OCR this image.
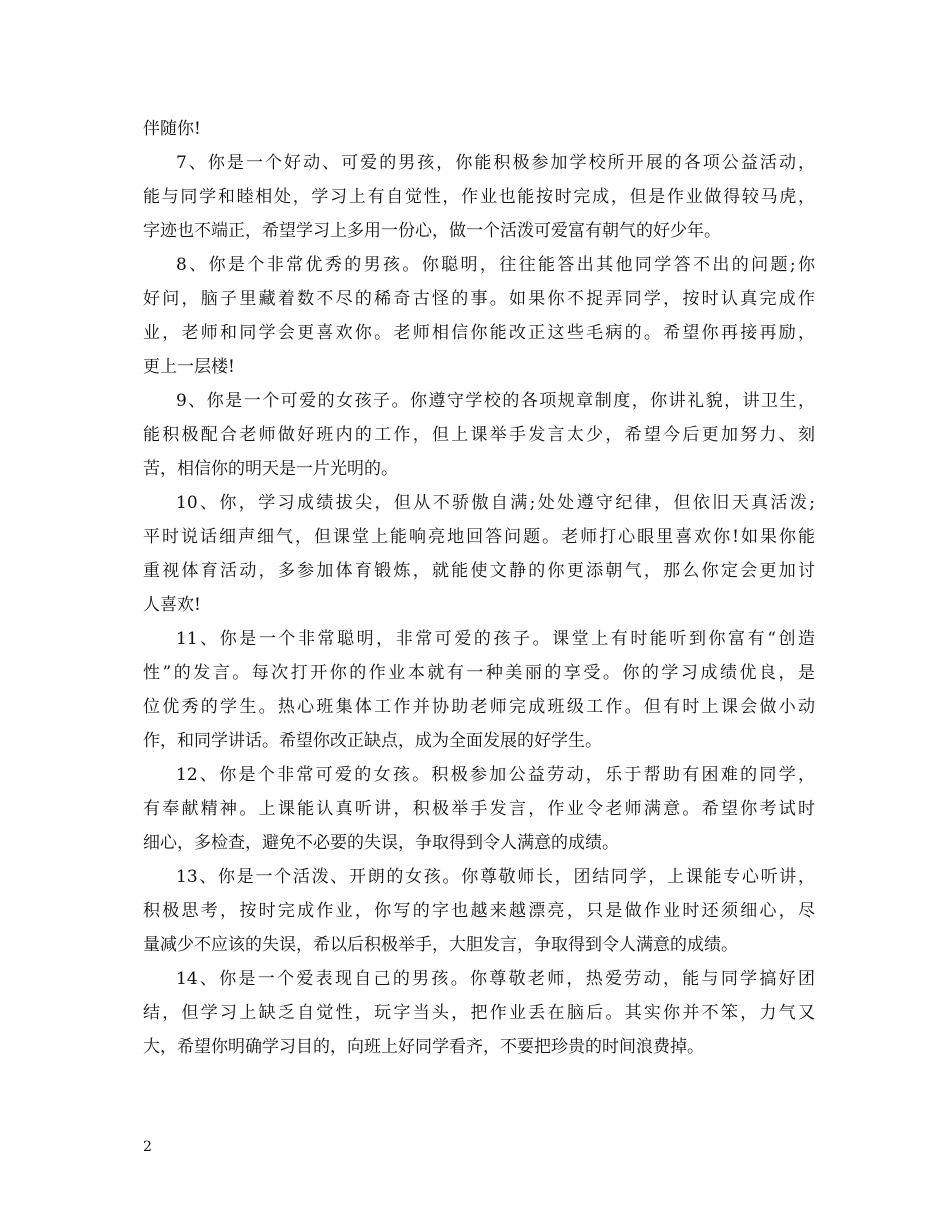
伴随你!
7、你是一个好动、可爱的男孩，你能积极参加学校所开展的各项公益活动，
能与同学和睦相处，学习上有自觉性，作业也能按时完成，但是作业做得较马虎，
字迹也不端正，希望学习上多用一份心，做一个活泼可爱富有朝气的好少年。
8、你是个非常优秀的男孩。你聪明，往往能答出其他同学答不出的问题;你
好问，脑子里藏着数不尽的稀奇古怪的事。如果你不捉弄同学，按时认真完成作
业，老师和同学会更喜欢你。老师相信你能改正这些毛病的。希望你再接再励，
更上一层楼!
9、你是一个可爱的女孩子。你遵守学校的各项规章制度，你讲礼貌，讲卫生，
能积极配合老师做好班内的工作，但上课举手发言太少，希望今后更加努力、刻
苦，相信你的明天是一片光明的。
10、你，学习成绩拔尖，但从不骄傲自满;处处遵守纪律，但依旧天真活泼;
平时说话细声细气，但课堂上能响亮地回答问题。老师打心眼里喜欢你!如果你能
重视体育活动，多参加体育锻炼，就能使文静的你更添朝气，那么你定会更加讨
人喜欢!
11、你是一个非常聪明，非常可爱的孩子。课堂上有时能听到你富有“创造
性”的发言。每次打开你的作业本就有一种美丽的享受。你的学习成绩优良，是
位优秀的学生。热心班集体工作并协助老师完成班级工作。但有时上课会做小动
作，和同学讲话。希望你改正缺点，成为全面发展的好学生。
12、你是个非常可爱的女孩。积极参加公益劳动，乐于帮助有困难的同学，
有奉献精神。上课能认真听讲，积极举手发言，作业令老师满意。希望你考试时
细心，多检查，避免不必要的失误，争取得到令人满意的成绩。
13、你是一个活泼、开朗的女孩。你尊敬师长，团结同学，上课能专心听讲，
积极思考，按时完成作业，你写的字也越来越漂亮，只是做作业时还须细心，尽
量减少不应该的失误，希以后积极举手，大胆发言，争取得到令人满意的成绩。
14、你是一个爱表现自己的男孩。你尊敬老师，热爱劳动，能与同学搞好团
结，但学习上缺乏自觉性，玩字当头，把作业丢在脑后。其实你并不笨，力气又
大，希望你明确学习目的，向班上好同学看齐，不要把珍贵的时间浪费掉。
2
